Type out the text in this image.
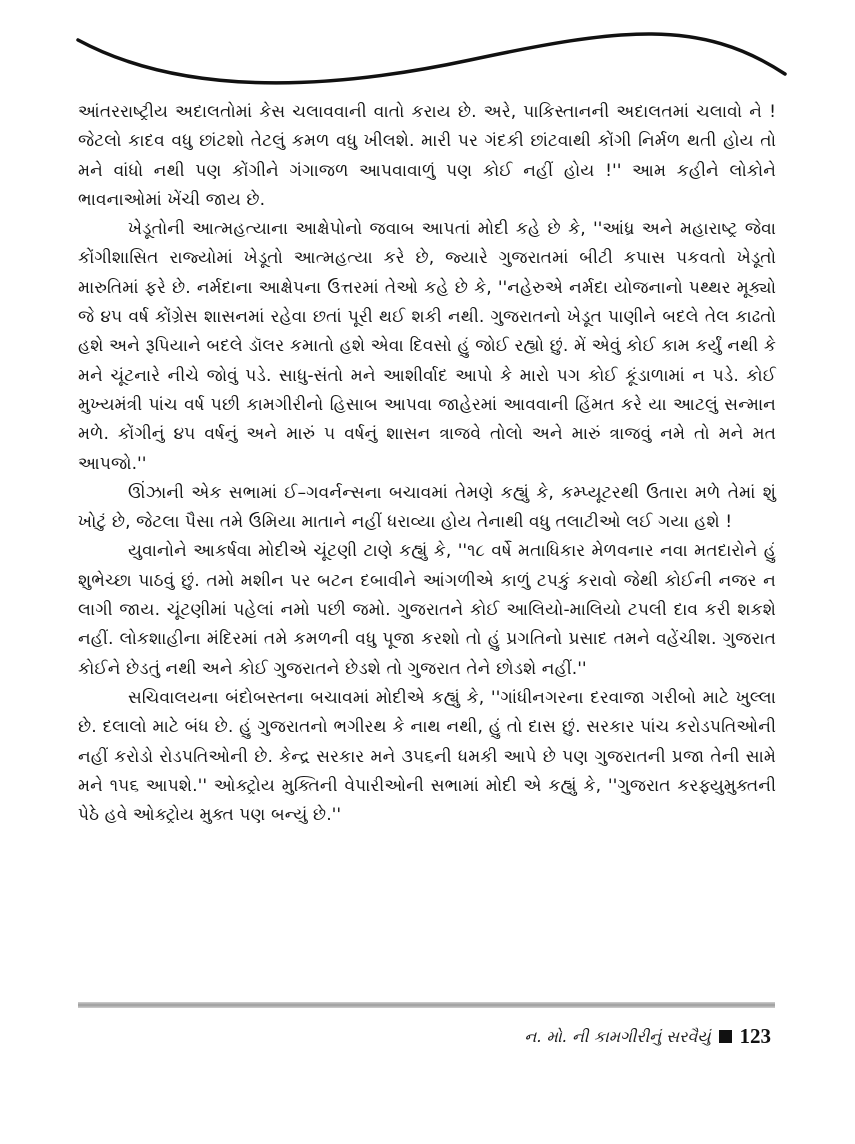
આંતરરાષ્ટ્રીય અદાલતોમાં કેસ ચલાવવાની વાતો કરાય છે. અરે, પાકિસ્તાનની અદાલતમાં ચલાવો ને ! જેટલો કાદવ વધુ છાંટશો તેટલું કમળ વધુ ખીલશે. મારી પર ગંદકી છાંટવાથી કોંગી નિર્મળ થતી હોય તો મને વાંધો નથી પણ કોંગીને ગંગાજળ આપવાવાળું પણ કોઈ નહીં હોય !'' આમ કહીને લોકોને ભાવનાઓમાં ખેંચી જાય છે.

ખેડૂતોની આત્મહત્યાના આક્ષેપોનો જવાબ આપતાં મોદી કહે છે કે, ''આંધ્ર અને મહારાષ્ટ્ર જેવા કોંગીશાસિત રાજ્યોમાં ખેડૂતો આત્મહત્યા કરે છે, જ્યારે ગુજરાતમાં બીટી કપાસ પકવતો ખેડૂતો મારુતિમાં ફરે છે. નર્મદાના આક્ષેપના ઉત્તરમાં તેઓ કહે છે કે, ''નહેરુએ નર્મદા યોજનાનો પથ્થર મૂક્યો જે ૪૫ વર્ષ કોંગ્રેસ શાસનમાં રહેવા છતાં પૂરી થઈ શકી નથી. ગુજરાતનો ખેડૂત પાણીને બદલે તેલ કાઢતો હશે અને રૂપિયાને બદલે ડૉલર કમાતો હશે એવા દિવસો હું જોઈ રહ્યો છું. મેં એવું કોઈ કામ કર્યું નથી કે મને ચૂંટનારે નીચે જોવું પડે. સાધુ-સંતો મને આશીર્વાદ આપો કે મારો પગ કોઈ કૂંડાળામાં ન પડે. કોઈ મુખ્યમંત્રી પાંચ વર્ષ પછી કામગીરીનો હિસાબ આપવા જાહેરમાં આવવાની હિંમત કરે યા આટલું સન્માન મળે. કોંગીનું ૪૫ વર્ષનું અને મારું ૫ વર્ષનું શાસન ત્રાજવે તોલો અને મારું ત્રાજવું નમે તો મને મત આપજો.''

ઊંઝાની એક સભામાં ઈ–ગવર્નન્સના બચાવમાં તેમણે કહ્યું કે, કમ્પ્યૂટરથી ઉતારા મળે તેમાં શું ખોટું છે, જેટલા પૈસા તમે ઉમિયા માતાને નહીં ધરાવ્યા હોય તેનાથી વધુ તલાટીઓ લઈ ગયા હશે !

યુવાનોને આકર્ષવા મોદીએ ચૂંટણી ટાણે કહ્યું કે, ''૧૮ વર્ષે મતાધિકાર મેળવનાર નવા મતદારોને હું શુભેચ્છા પાઠવું છું. તમો મશીન પર બટન દબાવીને આંગળીએ કાળું ટપકું કરાવો જેથી કોઈની નજર ન લાગી જાય. ચૂંટણીમાં પહેલાં નમો પછી જમો. ગુજરાતને કોઈ આલિયો-માલિયો ટપલી દાવ કરી શકશે નહીં. લોકશાહીના મંદિરમાં તમે કમળની વધુ પૂજા કરશો તો હું પ્રગતિનો પ્રસાદ તમને વહેંચીશ. ગુજરાત કોઈને છેડતું નથી અને કોઈ ગુજરાતને છેડશે તો ગુજરાત તેને છોડશે નહીં.''

સચિવાલયના બંદોબસ્તના બચાવમાં મોદીએ કહ્યું કે, ''ગાંધીનગરના દરવાજા ગરીબો માટે ખુલ્લા છે. દલાલો માટે બંધ છે. હું ગુજરાતનો ભગીરથ કે નાથ નથી, હું તો દાસ છું. સરકાર પાંચ કરોડપતિઓની નહીં કરોડો રોડપતિઓની છે. કેન્દ્ર સરકાર મને ૩૫૬ની ધમકી આપે છે પણ ગુજરાતની પ્રજા તેની સામે મને ૧૫૬ આપશે.'' ઓક્ટ્રોય મુક્તિની વેપારીઓની સભામાં મોદી એ કહ્યું કે, ''ગુજરાત કરફ્યુમુક્તની પેઠે હવે ઓક્ટ્રોય મુક્ત પણ બન્યું છે.''

ન. મો. ની કામગીરીનું સરવૈયું 123
